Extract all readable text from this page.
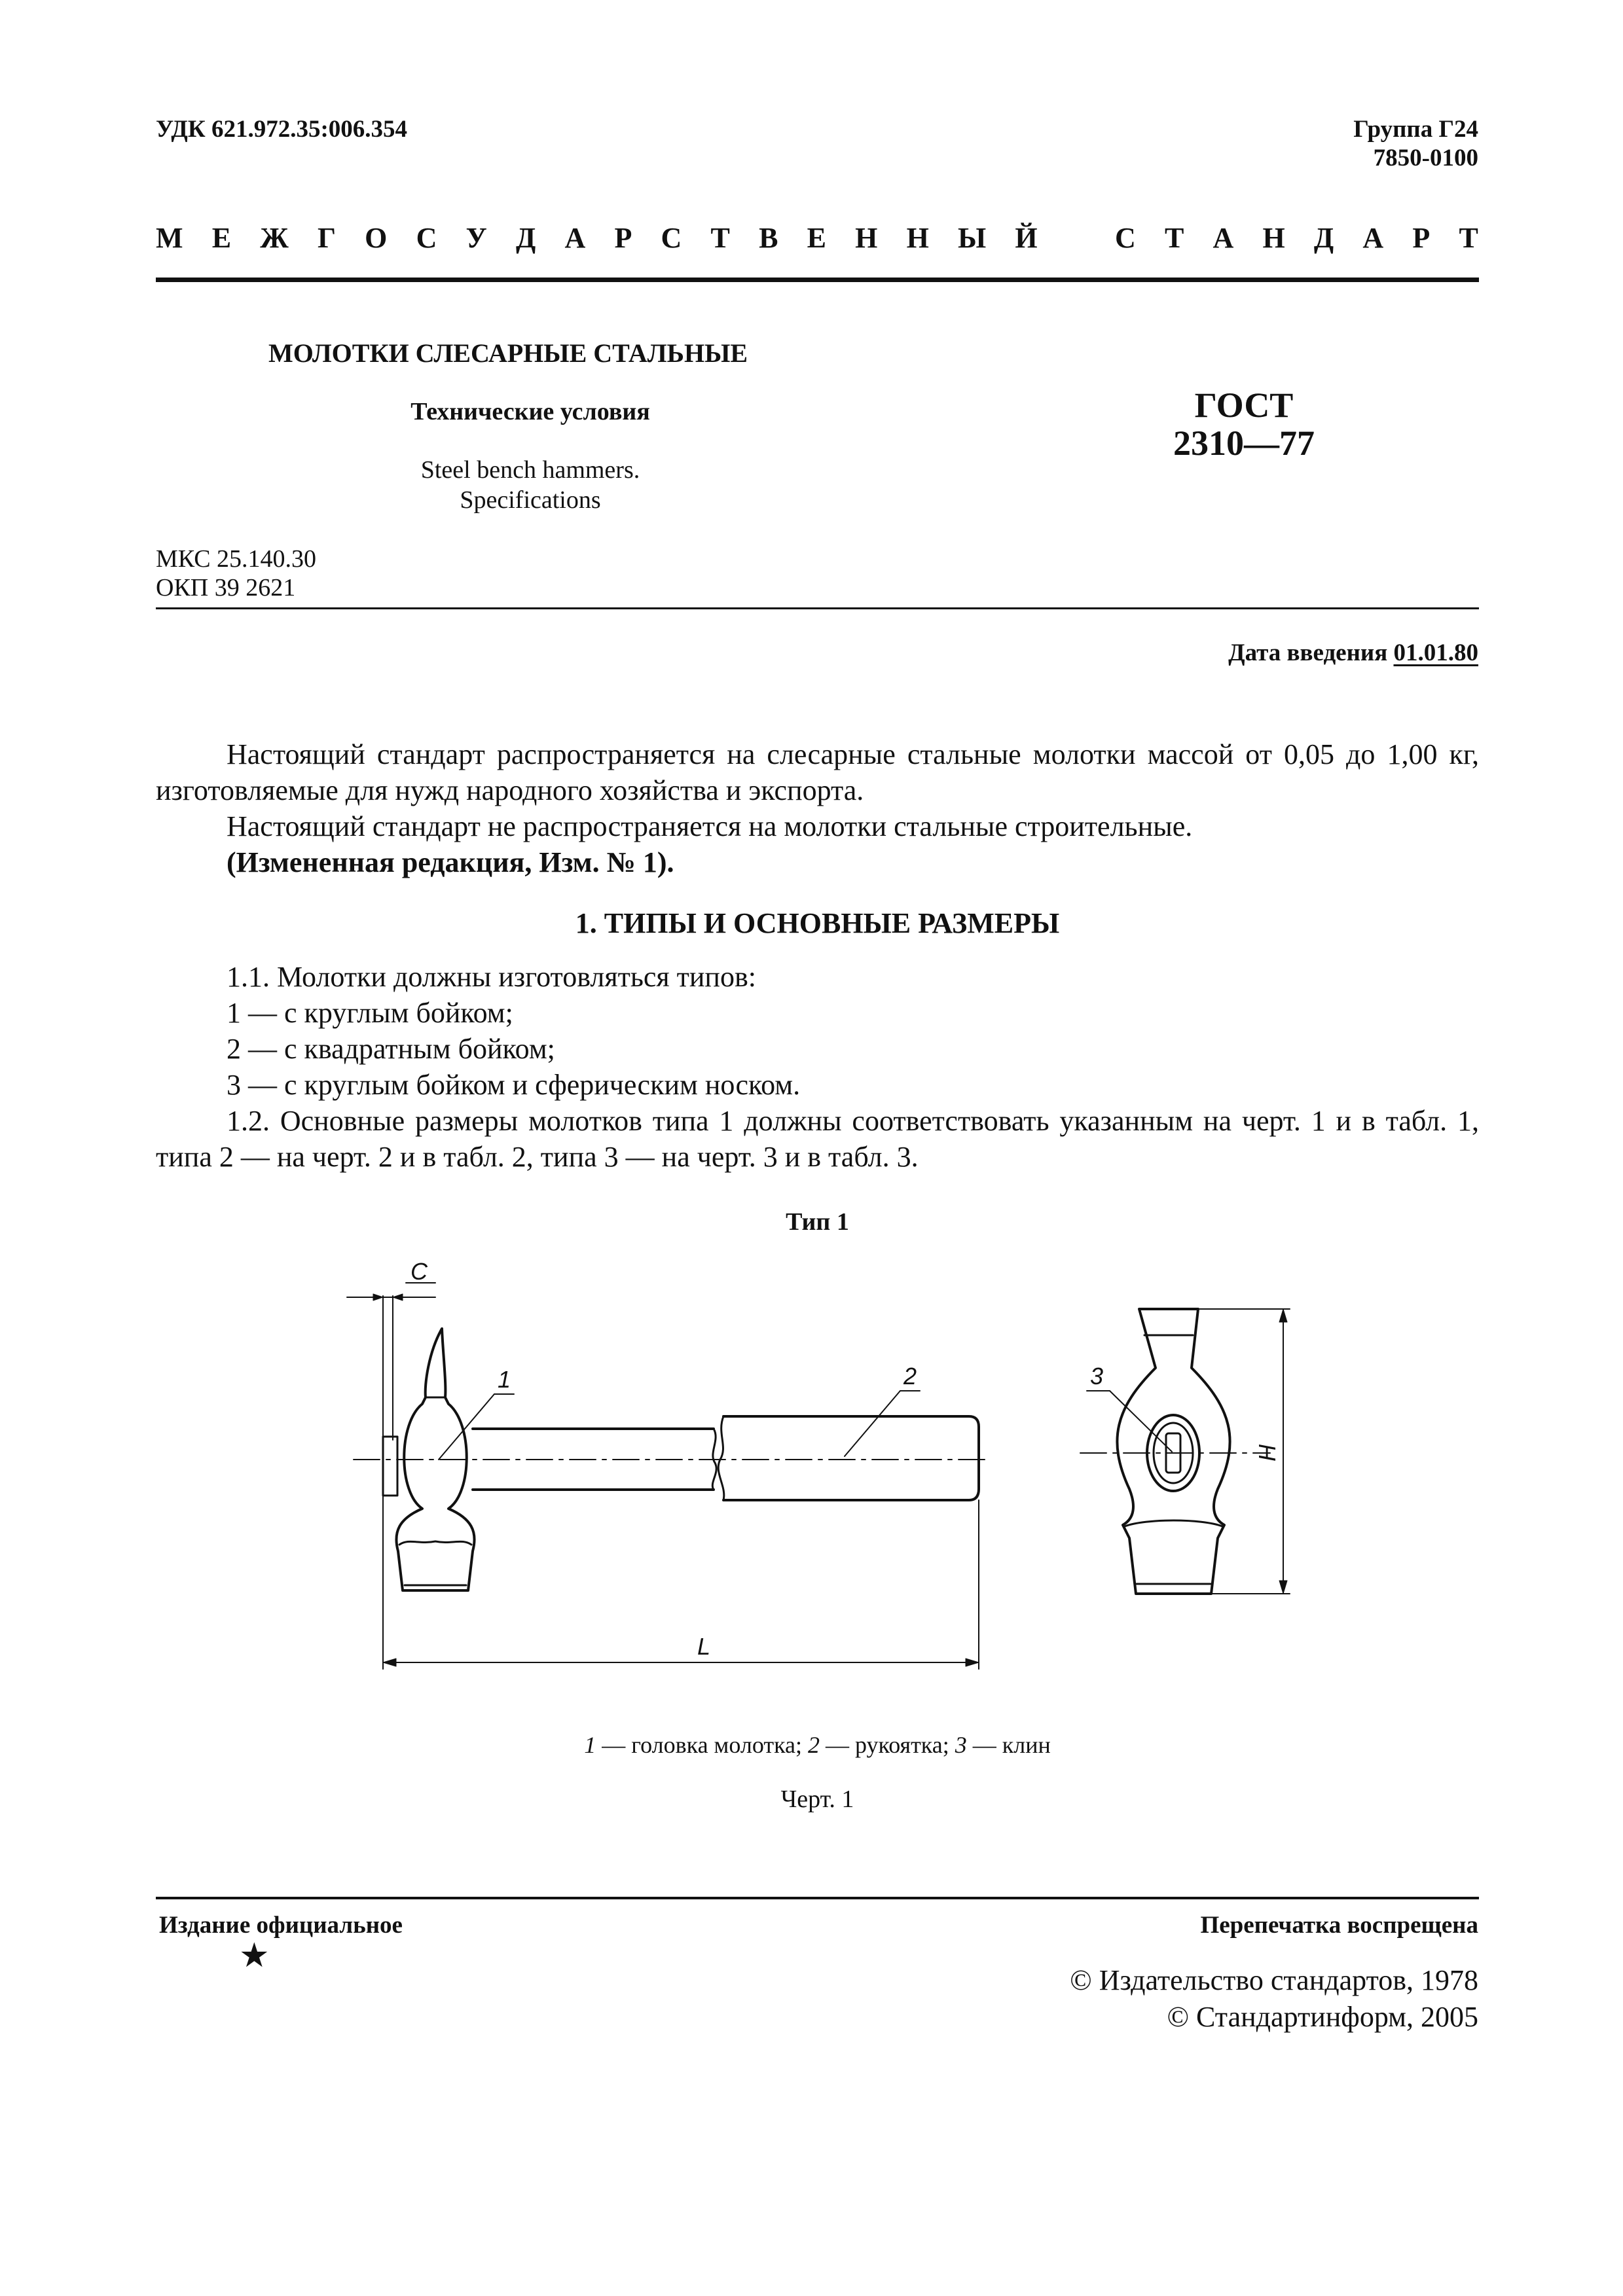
УДК 621.972.35:006.354	Группа Г24
7850-0100
М Е Ж Г О С У Д А Р С Т В Е Н Н Ы Й	С Т А Н Д А Р Т
МОЛОТКИ СЛЕСАРНЫЕ СТАЛЬНЫЕ
Технические условия
Steel bench hammers.
Specifications
ГОСТ
2310—77
МКС 25.140.30
ОКП 39 2621
Дата введения 01.01.80
Настоящий стандарт распространяется на слесарные стальные молотки массой от 0,05 до 1,00 кг, изготовляемые для нужд народного хозяйства и экспорта.
Настоящий стандарт не распространяется на молотки стальные строительные.
(Измененная редакция, Изм. № 1).
1. ТИПЫ И ОСНОВНЫЕ РАЗМЕРЫ
1.1. Молотки должны изготовляться типов:
1 — с круглым бойком;
2 — с квадратным бойком;
3 — с круглым бойком и сферическим носком.
1.2. Основные размеры молотков типа 1 должны соответствовать указанным на черт. 1 и в табл. 1, типа 2 — на черт. 2 и в табл. 2, типа 3 — на черт. 3 и в табл. 3.
Тип 1
C
1	2	3
L
H
1 — головка молотка; 2 — рукоятка; 3 — клин
Черт. 1
Издание официальное
★
Перепечатка воспрещена
© Издательство стандартов, 1978
© Стандартинформ, 2005
